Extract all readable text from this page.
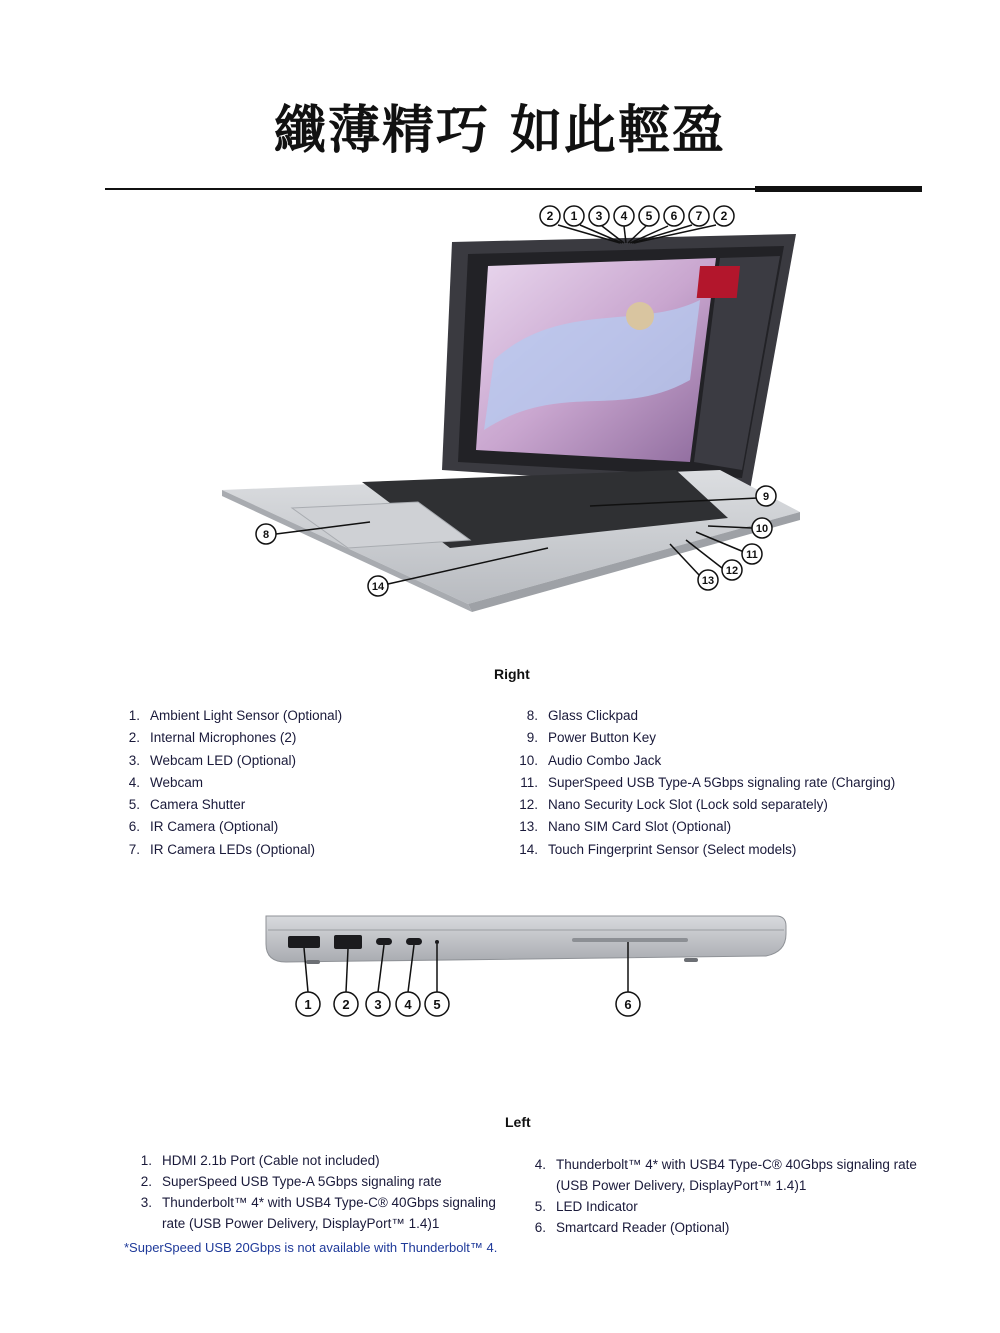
纖薄精巧 如此輕盈
2 1 3 4 5 6 7 2
8
9
10
11
12
13
14
Right
1. Ambient Light Sensor (Optional)
2. Internal Microphones (2)
3. Webcam LED (Optional)
4. Webcam
5. Camera Shutter
6. IR Camera (Optional)
7. IR Camera LEDs (Optional)
8. Glass Clickpad
9. Power Button Key
10. Audio Combo Jack
11. SuperSpeed USB Type-A 5Gbps signaling rate (Charging)
12. Nano Security Lock Slot (Lock sold separately)
13. Nano SIM Card Slot (Optional)
14. Touch Fingerprint Sensor (Select models)
1 2 3 4 5	6
Left
1. HDMI 2.1b Port (Cable not included)
2. SuperSpeed USB Type-A 5Gbps signaling rate
3. Thunderbolt™ 4* with USB4 Type-C® 40Gbps signaling
rate (USB Power Delivery, DisplayPort™ 1.4)1
4. Thunderbolt™ 4* with USB4 Type-C® 40Gbps signaling rate
(USB Power Delivery, DisplayPort™ 1.4)1
5. LED Indicator
6. Smartcard Reader (Optional)
*SuperSpeed USB 20Gbps is not available with Thunderbolt™ 4.
